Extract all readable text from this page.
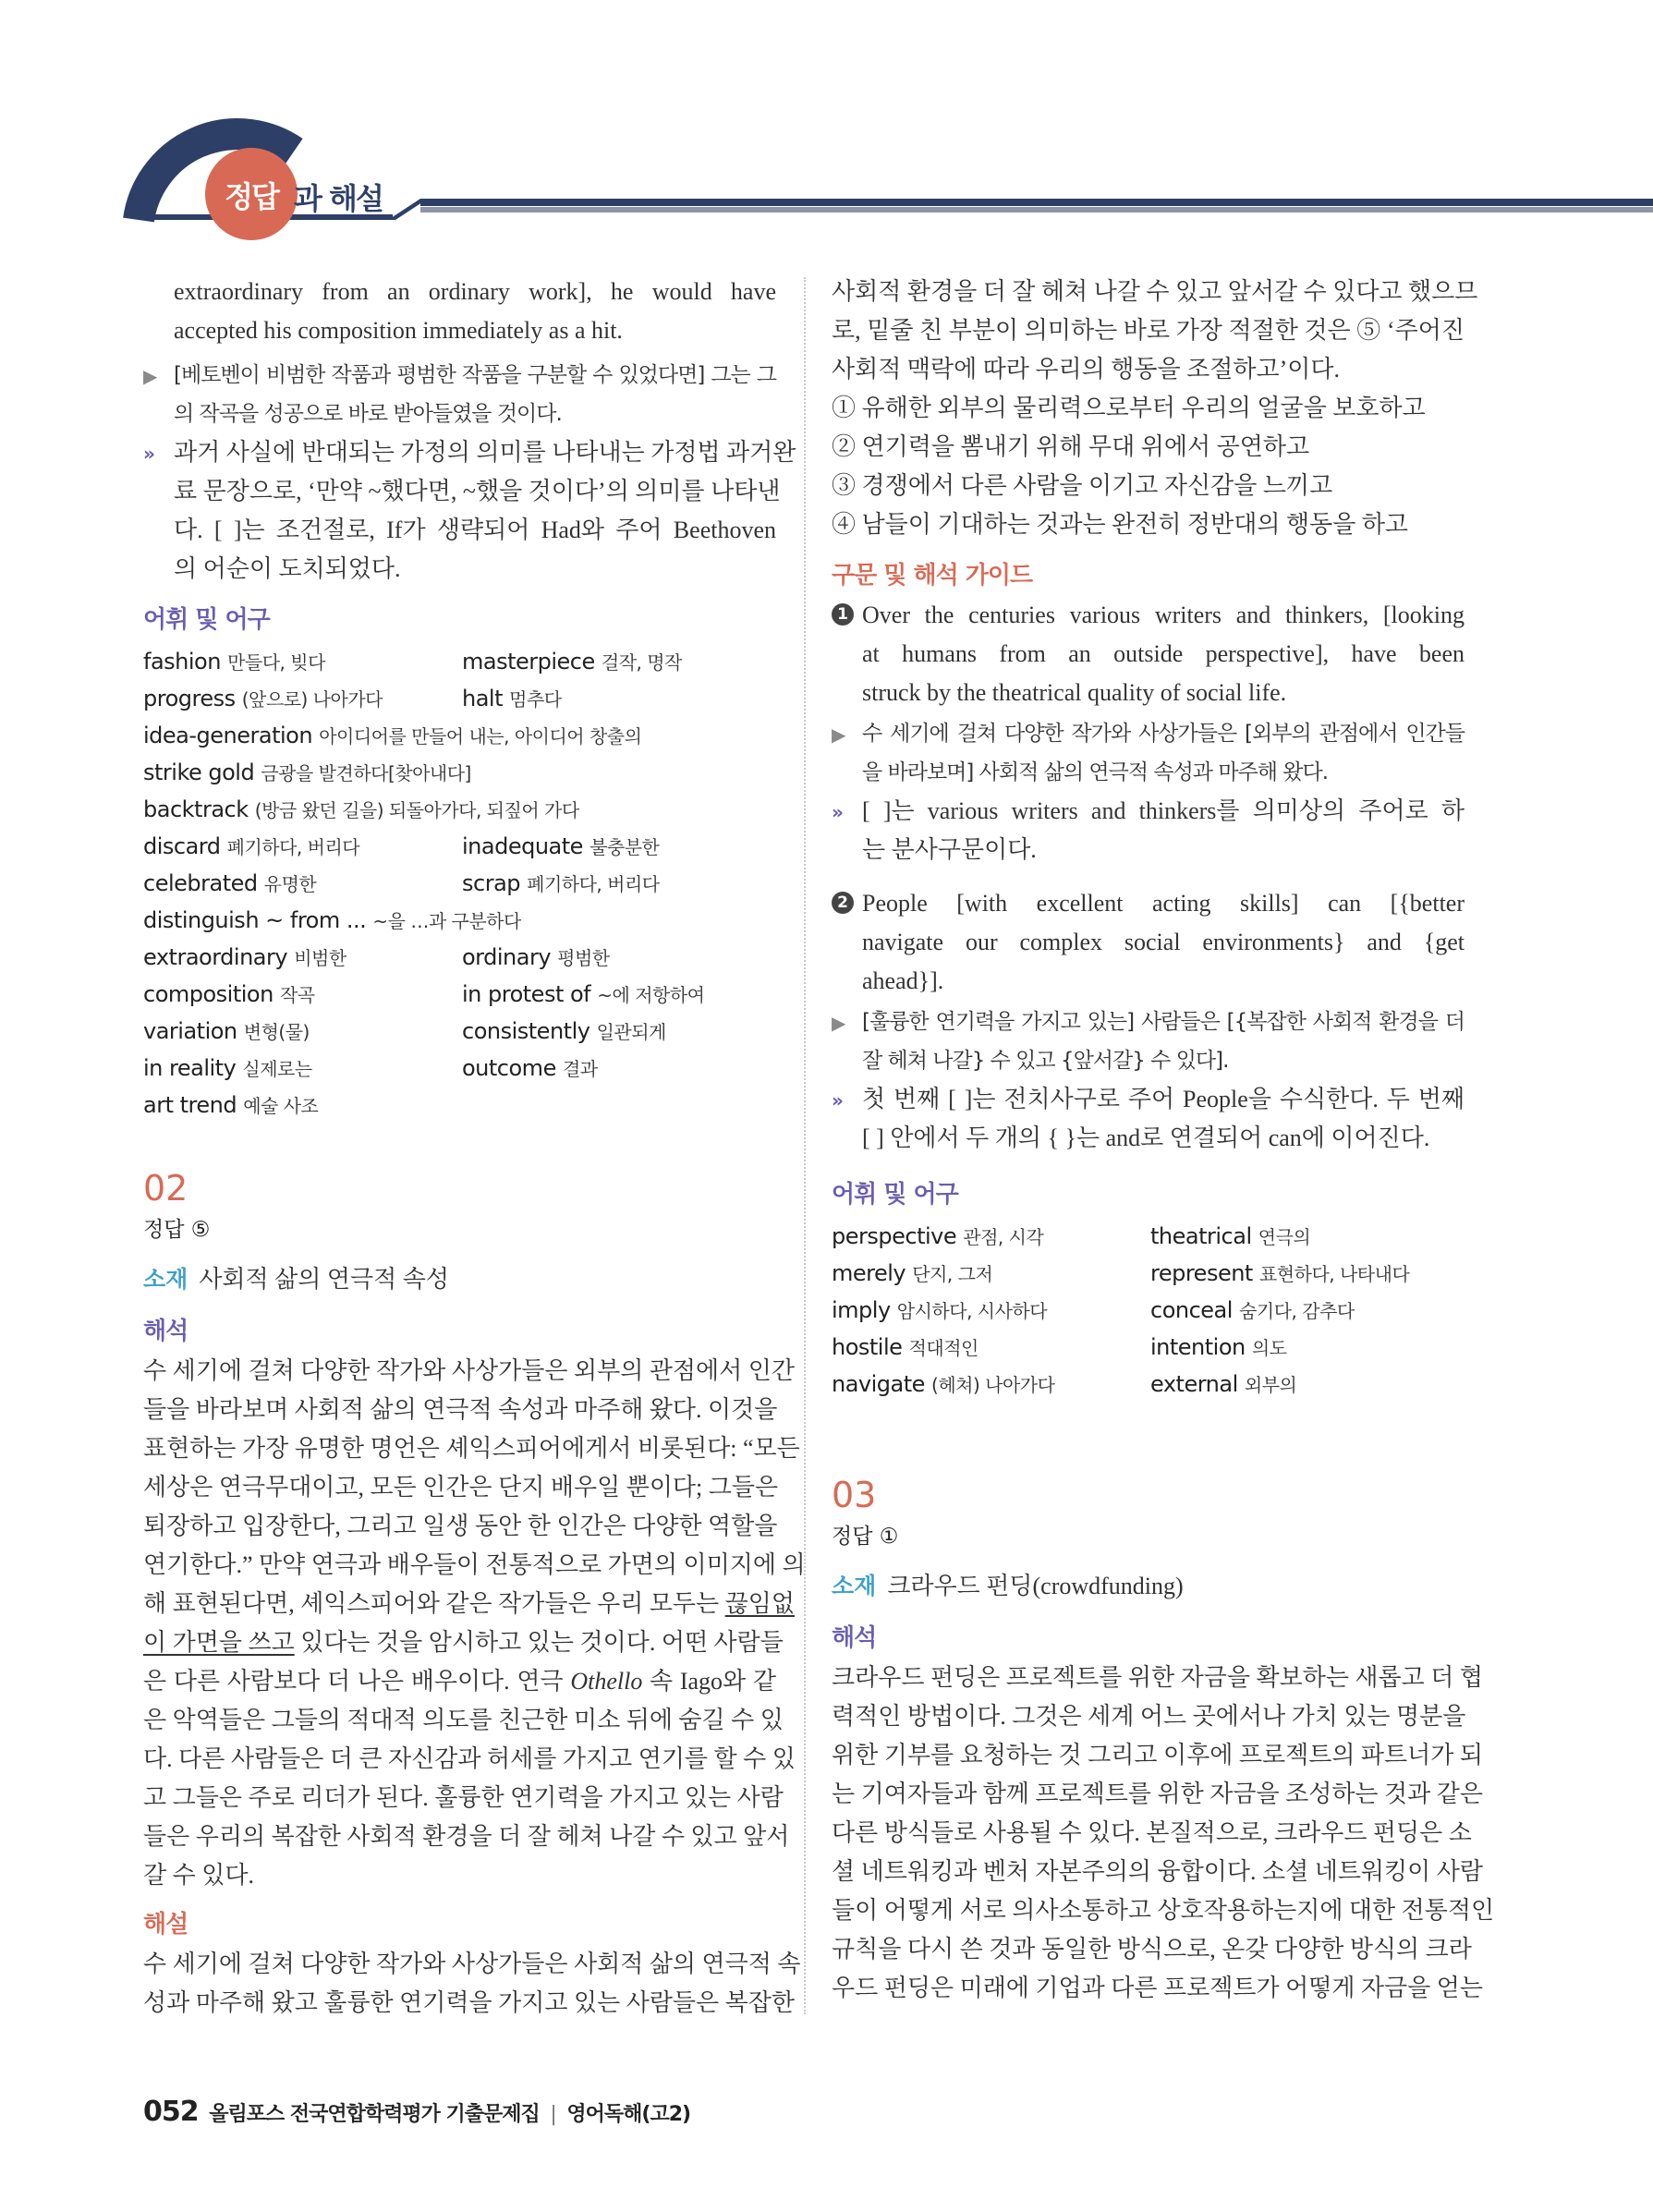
정답 과 해설
extraordinary from an ordinary work], he would have
accepted his composition immediately as a hit.
▶ [베토벤이 비범한 작품과 평범한 작품을 구분할 수 있었다면] 그는 그
의 작곡을 성공으로 바로 받아들였을 것이다.
» 과거 사실에 반대되는 가정의 의미를 나타내는 가정법 과거완
료 문장으로, ‘만약 ~했다면, ~했을 것이다’의 의미를 나타낸
다. [ ]는 조건절로, If가 생략되어 Had와 주어 Beethoven
의 어순이 도치되었다.
어휘 및 어구
fashion 만들다, 빚다	masterpiece 걸작, 명작
progress (앞으로) 나아가다	halt 멈추다
idea-generation 아이디어를 만들어 내는, 아이디어 창출의
strike gold 금광을 발견하다[찾아내다]
backtrack (방금 왔던 길을) 되돌아가다, 되짚어 가다
discard 폐기하다, 버리다	inadequate 불충분한
celebrated 유명한	scrap 폐기하다, 버리다
distinguish ~ from ... ~을 …과 구분하다
extraordinary 비범한	ordinary 평범한
composition 작곡	in protest of ~에 저항하여
variation 변형(물)	consistently 일관되게
in reality 실제로는	outcome 결과
art trend 예술 사조
02
정답 ⑤
소재 사회적 삶의 연극적 속성
해석
수 세기에 걸쳐 다양한 작가와 사상가들은 외부의 관점에서 인간
들을 바라보며 사회적 삶의 연극적 속성과 마주해 왔다. 이것을
표현하는 가장 유명한 명언은 셰익스피어에게서 비롯된다: “모든
세상은 연극무대이고, 모든 인간은 단지 배우일 뿐이다; 그들은
퇴장하고 입장한다, 그리고 일생 동안 한 인간은 다양한 역할을
연기한다.” 만약 연극과 배우들이 전통적으로 가면의 이미지에 의
해 표현된다면, 셰익스피어와 같은 작가들은 우리 모두는 끊임없
이 가면을 쓰고 있다는 것을 암시하고 있는 것이다. 어떤 사람들
은 다른 사람보다 더 나은 배우이다. 연극 Othello 속 Iago와 같
은 악역들은 그들의 적대적 의도를 친근한 미소 뒤에 숨길 수 있
다. 다른 사람들은 더 큰 자신감과 허세를 가지고 연기를 할 수 있
고 그들은 주로 리더가 된다. 훌륭한 연기력을 가지고 있는 사람
들은 우리의 복잡한 사회적 환경을 더 잘 헤쳐 나갈 수 있고 앞서
갈 수 있다.
해설
수 세기에 걸쳐 다양한 작가와 사상가들은 사회적 삶의 연극적 속
성과 마주해 왔고 훌륭한 연기력을 가지고 있는 사람들은 복잡한
사회적 환경을 더 잘 헤쳐 나갈 수 있고 앞서갈 수 있다고 했으므
로, 밑줄 친 부분이 의미하는 바로 가장 적절한 것은 ⑤ ‘주어진
사회적 맥락에 따라 우리의 행동을 조절하고’이다.
① 유해한 외부의 물리력으로부터 우리의 얼굴을 보호하고
② 연기력을 뽐내기 위해 무대 위에서 공연하고
③ 경쟁에서 다른 사람을 이기고 자신감을 느끼고
④ 남들이 기대하는 것과는 완전히 정반대의 행동을 하고
구문 및 해석 가이드
1 Over the centuries various writers and thinkers, [looking
at humans from an outside perspective], have been
struck by the theatrical quality of social life.
▶ 수 세기에 걸쳐 다양한 작가와 사상가들은 [외부의 관점에서 인간들
을 바라보며] 사회적 삶의 연극적 속성과 마주해 왔다.
» [ ]는 various writers and thinkers를 의미상의 주어로 하
는 분사구문이다.
2 People [with excellent acting skills] can [{better
navigate our complex social environments} and {get
ahead}].
▶ [훌륭한 연기력을 가지고 있는] 사람들은 [{복잡한 사회적 환경을 더
잘 헤쳐 나갈} 수 있고 {앞서갈} 수 있다].
» 첫 번째 [ ]는 전치사구로 주어 People을 수식한다. 두 번째
[ ] 안에서 두 개의 { }는 and로 연결되어 can에 이어진다.
어휘 및 어구
perspective 관점, 시각	theatrical 연극의
merely 단지, 그저	represent 표현하다, 나타내다
imply 암시하다, 시사하다	conceal 숨기다, 감추다
hostile 적대적인	intention 의도
navigate (헤쳐) 나아가다	external 외부의
03
정답 ①
소재 크라우드 펀딩(crowdfunding)
해석
크라우드 펀딩은 프로젝트를 위한 자금을 확보하는 새롭고 더 협
력적인 방법이다. 그것은 세계 어느 곳에서나 가치 있는 명분을
위한 기부를 요청하는 것 그리고 이후에 프로젝트의 파트너가 되
는 기여자들과 함께 프로젝트를 위한 자금을 조성하는 것과 같은
다른 방식들로 사용될 수 있다. 본질적으로, 크라우드 펀딩은 소
셜 네트워킹과 벤처 자본주의의 융합이다. 소셜 네트워킹이 사람
들이 어떻게 서로 의사소통하고 상호작용하는지에 대한 전통적인
규칙을 다시 쓴 것과 동일한 방식으로, 온갖 다양한 방식의 크라
우드 펀딩은 미래에 기업과 다른 프로젝트가 어떻게 자금을 얻는
052 올림포스 전국연합학력평가 기출문제집 | 영어독해(고2)
